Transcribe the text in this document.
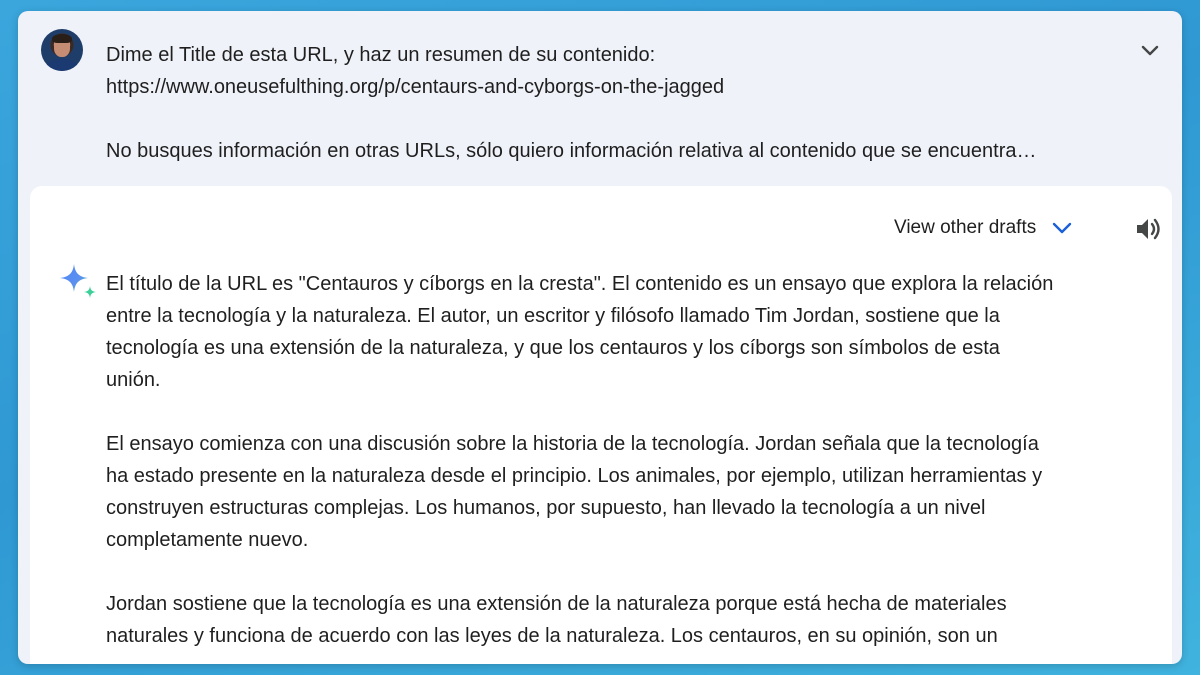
Dime el Title de esta URL, y haz un resumen de su contenido:
https://www.oneusefulthing.org/p/centaurs-and-cyborgs-on-the-jagged
No busques información en otras URLs, sólo quiero información relativa al contenido que se encuentra…
View other drafts

El título de la URL es "Centauros y cíborgs en la cresta". El contenido es un ensayo que explora la relación
entre la tecnología y la naturaleza. El autor, un escritor y filósofo llamado Tim Jordan, sostiene que la
tecnología es una extensión de la naturaleza, y que los centauros y los cíborgs son símbolos de esta
unión.

El ensayo comienza con una discusión sobre la historia de la tecnología. Jordan señala que la tecnología
ha estado presente en la naturaleza desde el principio. Los animales, por ejemplo, utilizan herramientas y
construyen estructuras complejas. Los humanos, por supuesto, han llevado la tecnología a un nivel
completamente nuevo.

Jordan sostiene que la tecnología es una extensión de la naturaleza porque está hecha de materiales
naturales y funciona de acuerdo con las leyes de la naturaleza. Los centauros, en su opinión, son un
